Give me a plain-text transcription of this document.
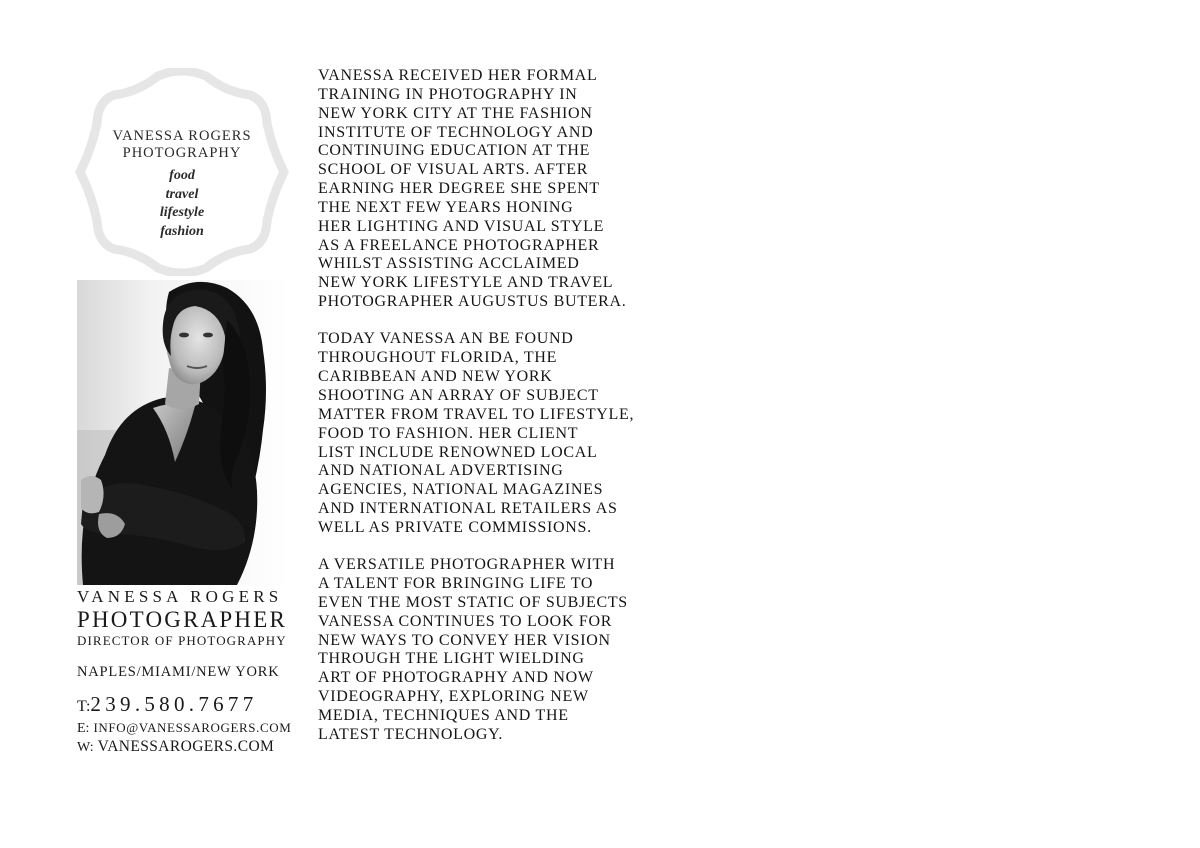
VANESSA ROGERS
PHOTOGRAPHY
food
travel
lifestyle
fashion
VANESSA ROGERS
PHOTOGRAPHER
DIRECTOR OF PHOTOGRAPHY
NAPLES/MIAMI/NEW YORK
T:239.580.7677
E: INFO@VANESSAROGERS.COM
W: VANESSAROGERS.COM

VANESSA RECEIVED HER FORMAL
TRAINING IN PHOTOGRAPHY IN
NEW YORK CITY AT THE FASHION
INSTITUTE OF TECHNOLOGY AND
CONTINUING EDUCATION AT THE
SCHOOL OF VISUAL ARTS. AFTER
EARNING HER DEGREE SHE SPENT
THE NEXT FEW YEARS HONING
HER LIGHTING AND VISUAL STYLE
AS A FREELANCE PHOTOGRAPHER
WHILST ASSISTING ACCLAIMED
NEW YORK LIFESTYLE AND TRAVEL
PHOTOGRAPHER AUGUSTUS BUTERA.

TODAY VANESSA AN BE FOUND
THROUGHOUT FLORIDA, THE
CARIBBEAN AND NEW YORK
SHOOTING AN ARRAY OF SUBJECT
MATTER FROM TRAVEL TO LIFESTYLE,
FOOD TO FASHION. HER CLIENT
LIST INCLUDE RENOWNED LOCAL
AND NATIONAL ADVERTISING
AGENCIES, NATIONAL MAGAZINES
AND INTERNATIONAL RETAILERS AS
WELL AS PRIVATE COMMISSIONS.

A VERSATILE PHOTOGRAPHER WITH
A TALENT FOR BRINGING LIFE TO
EVEN THE MOST STATIC OF SUBJECTS
VANESSA CONTINUES TO LOOK FOR
NEW WAYS TO CONVEY HER VISION
THROUGH THE LIGHT WIELDING
ART OF PHOTOGRAPHY AND NOW
VIDEOGRAPHY, EXPLORING NEW
MEDIA, TECHNIQUES AND THE
LATEST TECHNOLOGY.
